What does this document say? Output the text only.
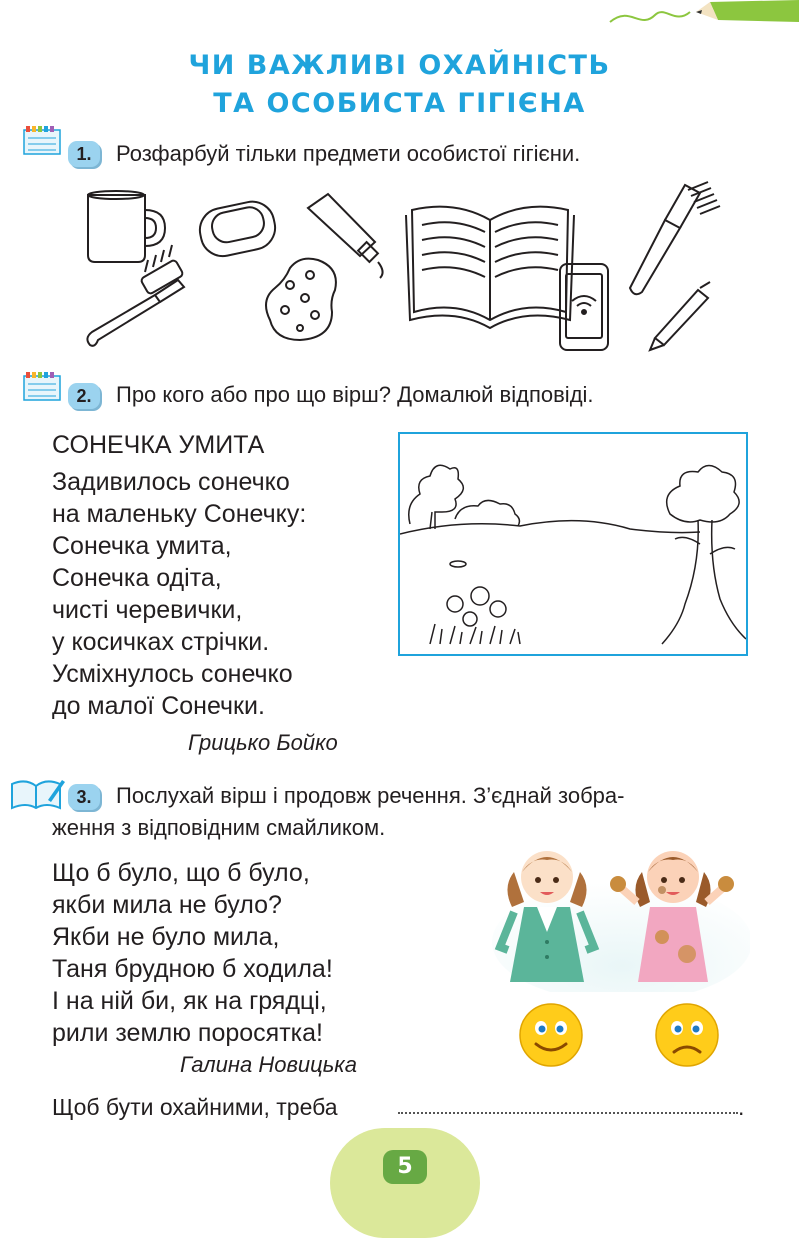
ЧИ ВАЖЛИВІ ОХАЙНІСТЬ
ТА ОСОБИСТА ГІГІЄНА
1.	Розфарбуй тільки предмети особистої гігієни.
2.	Про кого або про що вірш? Домалюй відповіді.
СОНЕЧКА УМИТА
Задивилось сонечко
на маленьку Сонечку:
Сонечка умита,
Сонечка одіта,
чисті черевички,
у косичках стрічки.
Усміхнулось сонечко
до малої Сонечки.
Грицько Бойко
3.	Послухай вірш і продовж речення. З’єднай зобра-
ження з відповідним смайликом.
Що б було, що б було,
якби мила не було?
Якби не було мила,
Таня брудною б ходила!
І на ній би, як на грядці,
рили землю поросятка!
Галина Новицька
Щоб бути охайними, треба	.
5
